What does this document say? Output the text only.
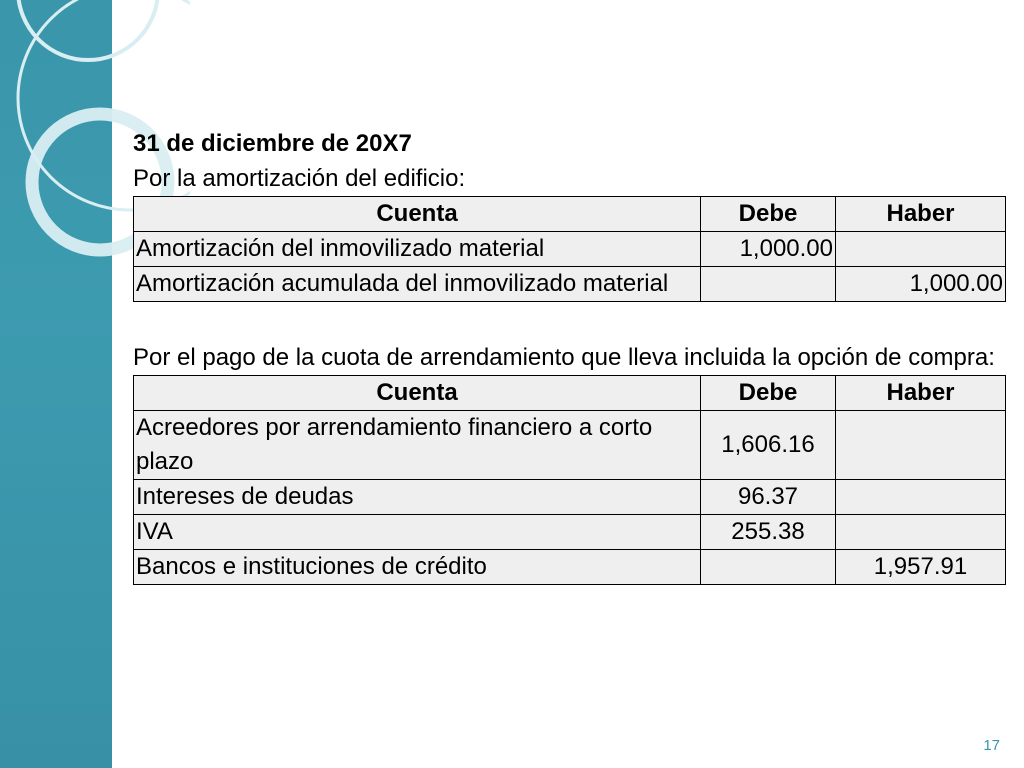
31 de diciembre de 20X7
Por la amortización del edificio:
Cuenta	Debe	Haber
Amortización del inmovilizado material	1,000.00	
Amortización acumulada del inmovilizado material		1,000.00
Por el pago de la cuota de arrendamiento que lleva incluida la opción de compra:
Cuenta	Debe	Haber
Acreedores por arrendamiento financiero a corto plazo	1,606.16	
Intereses de deudas	96.37	
IVA	255.38	
Bancos e instituciones de crédito		1,957.91
17
